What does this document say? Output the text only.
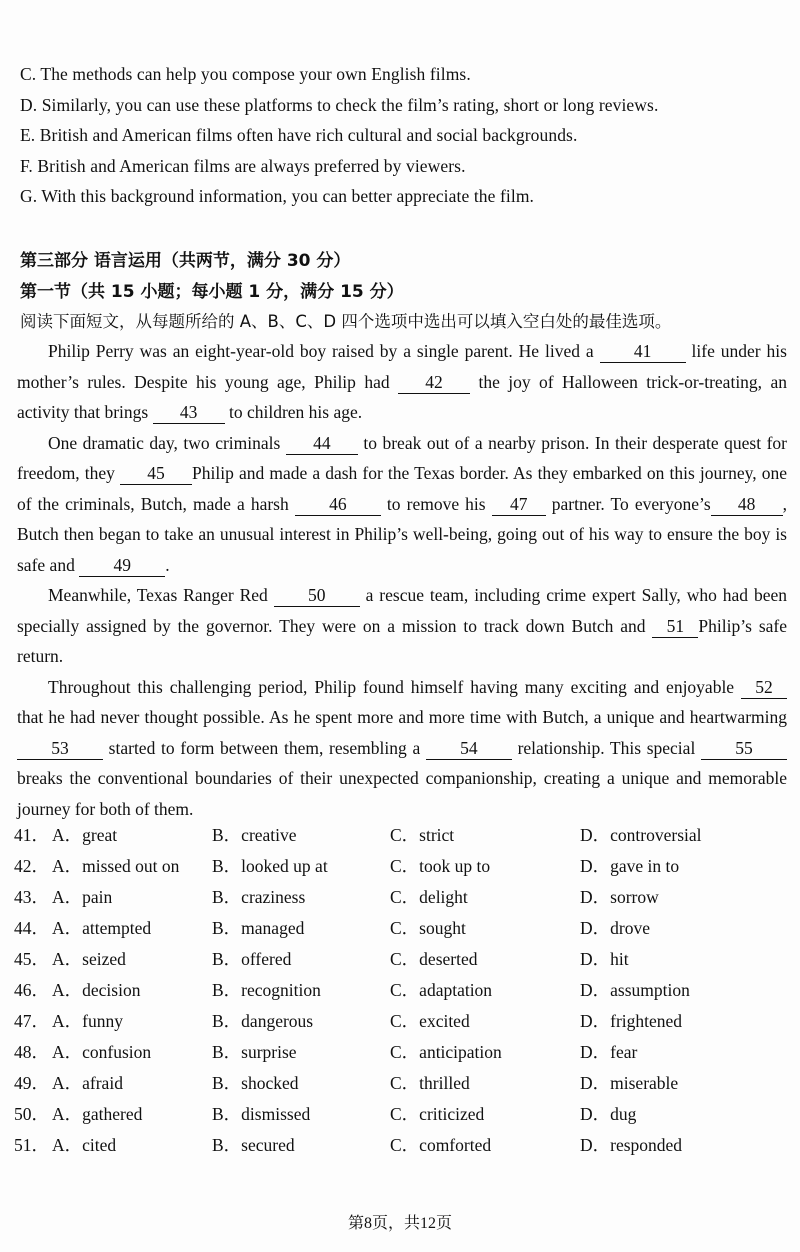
C. The methods can help you compose your own English films.
D. Similarly, you can use these platforms to check the film’s rating, short or long reviews.
E. British and American films often have rich cultural and social backgrounds.
F. British and American films are always preferred by viewers.
G. With this background information, you can better appreciate the film.
第三部分 语言运用（共两节，满分 30 分）
第一节（共 15 小题；每小题 1 分，满分 15 分）
阅读下面短文，从每题所给的 A、B、C、D 四个选项中选出可以填入空白处的最佳选项。

Philip Perry was an eight-year-old boy raised by a single parent. He lived a 41 life under his mother’s rules. Despite his young age, Philip had 42 the joy of Halloween trick-or-treating, an activity that brings 43 to children his age.

One dramatic day, two criminals 44 to break out of a nearby prison. In their desperate quest for freedom, they 45 Philip and made a dash for the Texas border. As they embarked on this journey, one of the criminals, Butch, made a harsh 46 to remove his 47 partner. To everyone’s 48 , Butch then began to take an unusual interest in Philip’s well-being, going out of his way to ensure the boy is safe and 49 .

Meanwhile, Texas Ranger Red 50 a rescue team, including crime expert Sally, who had been specially assigned by the governor. They were on a mission to track down Butch and 51 Philip’s safe return.

Throughout this challenging period, Philip found himself having many exciting and enjoyable 52 that he had never thought possible. As he spent more and more time with Butch, a unique and heartwarming 53 started to form between them, resembling a 54 relationship. This special 55 breaks the conventional boundaries of their unexpected companionship, creating a unique and memorable journey for both of them.

41． A．great	B．creative	C．strict	D．controversial
42． A．missed out on B．looked up at	C．took up to	D．gave in to
43． A．pain	B．craziness	C．delight	D．sorrow
44． A．attempted	B．managed	C．sought	D．drove
45． A．seized	B．offered	C．deserted	D．hit
46． A．decision	B．recognition	C．adaptation	D．assumption
47． A．funny	B．dangerous	C．excited	D．frightened
48． A．confusion	B．surprise	C．anticipation	D．fear
49． A．afraid	B．shocked	C．thrilled	D．miserable
50． A．gathered	B．dismissed	C．criticized	D．dug
51． A．cited	B．secured	C．comforted	D．responded
第8页，共12页
